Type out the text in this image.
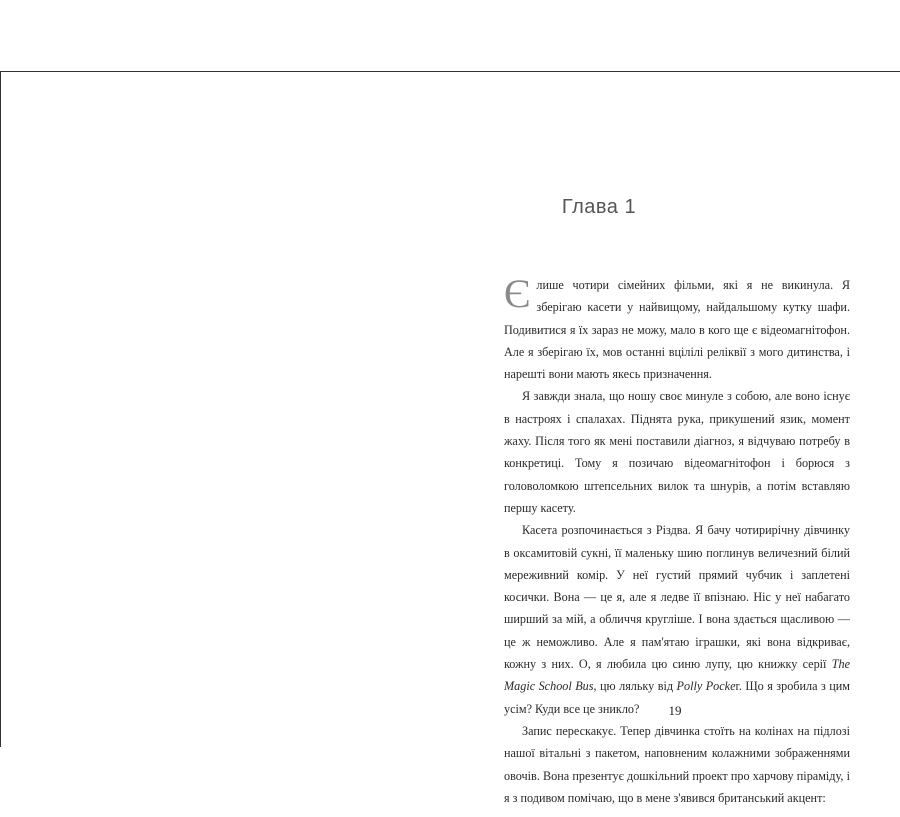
Глава 1

Єлише чотири сімейних фільми, які я не викинула. Я зберігаю касети у найвищому, найдальшому кутку шафи. Подивитися я їх зараз не можу, мало в кого ще є відеомагнітофон. Але я зберігаю їх, мов останні вцілілі реліквії з мого дитинства, і нарешті вони мають якесь призначення.

Я завжди знала, що ношу своє минуле з собою, але воно існує в настроях і спалахах. Піднята рука, прикушений язик, момент жаху. Після того як мені поставили діагноз, я відчуваю потребу в конкретиці. Тому я позичаю відеомагнітофон і борюся з головоломкою штепсельних вилок та шнурів, а потім вставляю першу касету.

Касета розпочинається з Різдва. Я бачу чотирирічну дівчинку в оксамитовій сукні, її маленьку шию поглинув величезний білий мереживний комір. У неї густий прямий чубчик і заплетені косички. Вона — це я, але я ледве її впізнаю. Ніс у неї набагато ширший за мій, а обличчя кругліше. І вона здається щасливою — це ж неможливо. Але я пам'ятаю іграшки, які вона відкриває, кожну з них. О, я любила цю синю лупу, цю книжку серії The Magic School Bus, цю ляльку від Polly Pocker. Що я зробила з цим усім? Куди все це зникло?

Запис перескакує. Тепер дівчинка стоїть на колінах на підлозі нашої вітальні з пакетом, наповненим колажними зображеннями овочів. Вона презентує дошкільний проект про харчову піраміду, і я з подивом помічаю, що в мене з'явився британський акцент:

19
